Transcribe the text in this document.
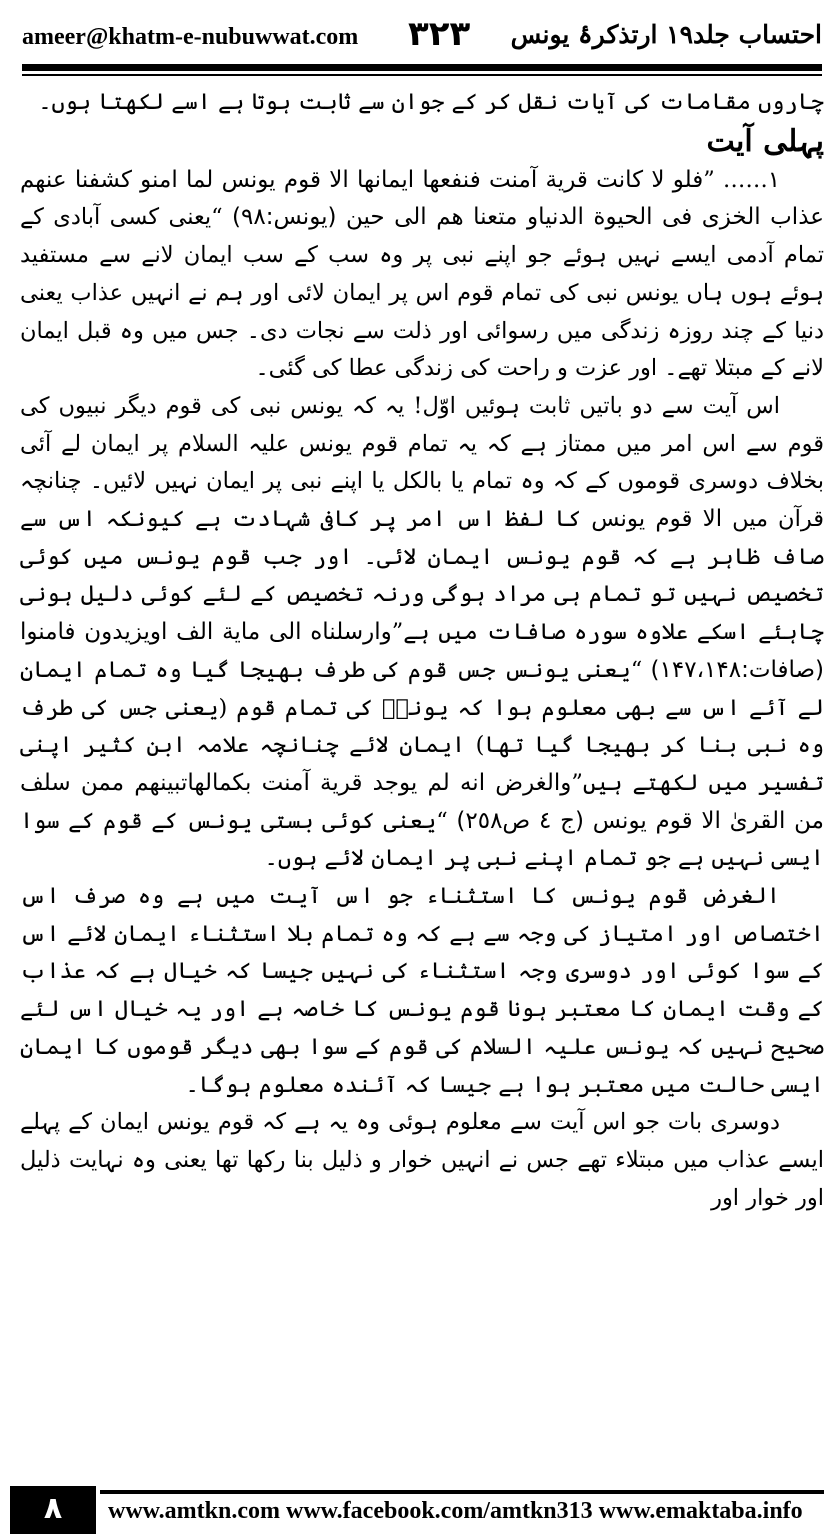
ameer@khatm-e-nubuwwat.com ۳۲۳ احتساب جلد۱۹ ارتذکرۂ یونس

چاروں مقامات کی آیات نقل کر کے جوان سے ثابت ہوتا ہے اسے لکھتا ہوں۔

پہلی آیت

۱…… ”فلو لا كانت قرية آمنت فنفعها ايمانها الا قوم يونس لما امنو كشفنا عنهم عذاب الخزى فى الحيوة الدنياو متعنا هم الى حين (يونس:۹۸) “یعنی کسی آبادی کے تمام آدمی ایسے نہیں ہوئے جو اپنے نبی پر وہ سب کے سب ایمان لانے سے مستفید ہوئے ہوں ہاں یونس نبی کی تمام قوم اس پر ایمان لائی اور ہم نے انہیں عذاب یعنی دنیا کے چند روزہ زندگی میں رسوائی اور ذلت سے نجات دی۔ جس میں وہ قبل ایمان لانے کے مبتلا تھے۔ اور عزت و راحت کی زندگی عطا کی گئی۔

اس آیت سے دو باتیں ثابت ہوئیں اوّل! یہ کہ یونس نبی کی قوم دیگر نبیوں کی قوم سے اس امر میں ممتاز ہے کہ یہ تمام قوم یونس علیہ السلام پر ایمان لے آئی بخلاف دوسری قوموں کے کہ وہ تمام یا بالکل یا اپنے نبی پر ایمان نہیں لائیں۔ چنانچہ قرآن میں الا قوم يونس کا لفظ اس امر پر کافی شہادت ہے کیونکہ اس سے صاف ظاہر ہے کہ قوم یونس ایمان لائی۔ اور جب قوم یونس میں کوئی تخصیص نہیں تو تمام ہی مراد ہوگی ورنہ تخصیص کے لئے کوئی دلیل ہونی چاہئے اسکے علاوہ سورہ صافات میں ہے”وارسلناه الى ماية الف اويزيدون فامنوا (صافات:۱۴۷،۱۴۸) “یعنی یونس جس قوم کی طرف بھیجا گیا وہ تمام ایمان لے آئے اس سے بھی معلوم ہوا کہ یونسؑ کی تمام قوم (یعنی جس کی طرف وہ نبی بنا کر بھیجا گیا تھا) ایمان لائے چنانچہ علامہ ابن کثیر اپنی تفسیر میں لکھتے ہیں”والغرض انه لم يوجد قرية آمنت بكمالهاتبينهم ممن سلف من القرىٰ الا قوم يونس (ج ٤ ص٢٥٨) “یعنی کوئی بستی یونس کے قوم کے سوا ایسی نہیں ہے جو تمام اپنے نبی پر ایمان لائے ہوں۔

الغرض قوم یونس کا استثناء جو اس آیت میں ہے وہ صرف اس اختصاص اور امتیاز کی وجہ سے ہے کہ وہ تمام بلا استثناء ایمان لائے اس کے سوا کوئی اور دوسری وجہ استثناء کی نہیں جیسا کہ خیال ہے کہ عذاب کے وقت ایمان کا معتبر ہونا قوم یونس کا خاصہ ہے اور یہ خیال اس لئے صحیح نہیں کہ یونس علیہ السلام کی قوم کے سوا بھی دیگر قوموں کا ایمان ایسی حالت میں معتبر ہوا ہے جیسا کہ آئندہ معلوم ہوگا۔

دوسری بات جو اس آیت سے معلوم ہوئی وہ یہ ہے کہ قوم یونس ایمان کے پہلے ایسے عذاب میں مبتلاء تھے جس نے انہیں خوار و ذلیل بنا رکھا تھا یعنی وہ نہایت ذلیل اور خوار اور

۸	www.amtkn.com www.facebook.com/amtkn313 www.emaktaba.info
